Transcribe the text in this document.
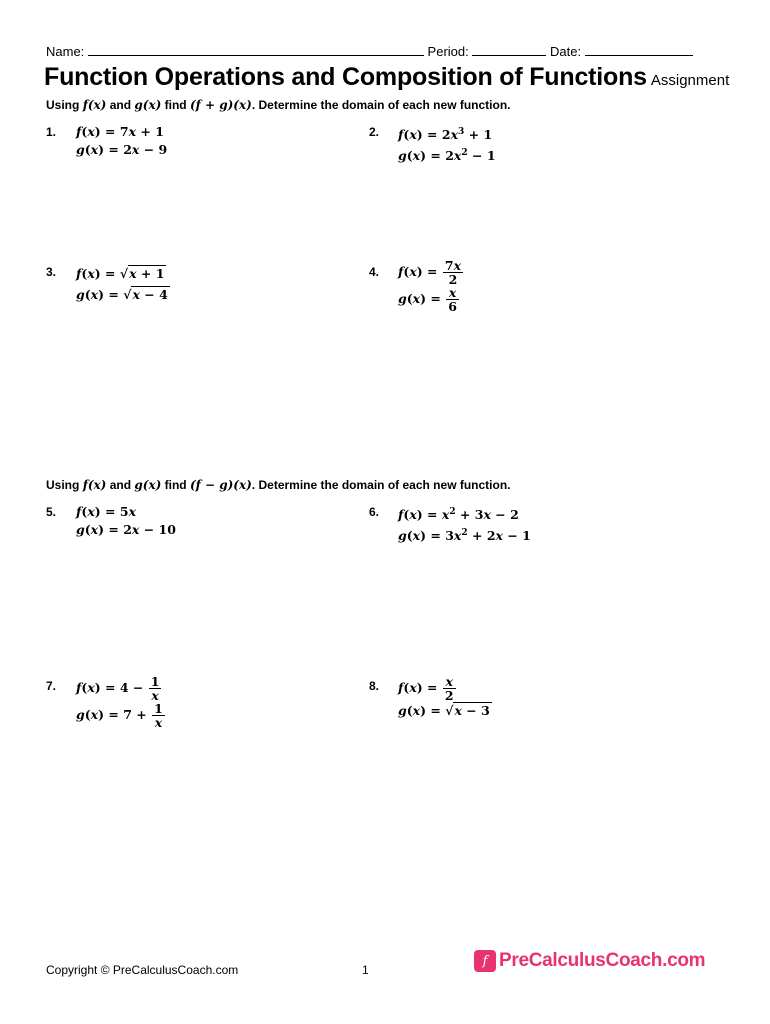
Name:	Period:	Date:
Function Operations and Composition of Functions Assignment
Using f(x) and g(x) find (f + g)(x). Determine the domain of each new function.
1. f(x) = 7x + 1
g(x) = 2x − 9
2. $f(x) = 2x^3 + 1$
$g(x) = 2x^2 - 1$
3. f(x) = √x + 1
g(x) = √x − 4
4. $f(x) = \frac{7x}{2}$
$g(x) = \frac{x}{6}$
Using f(x) and g(x) find (f − g)(x). Determine the domain of each new function.
5. f(x) = 5x
g(x) = 2x − 10
6. $f(x) = x^2 + 3x - 2$
$g(x) = 3x^2 + 2x - 1$
7. $f(x) = 4 - \frac{1}{x}$
$g(x) = 7 + \frac{1}{x}$
8. $f(x) = \frac{x}{2}$
g(x) = √x − 3
Copyright © PreCalculusCoach.com	1
f PreCalculusCoach.com
